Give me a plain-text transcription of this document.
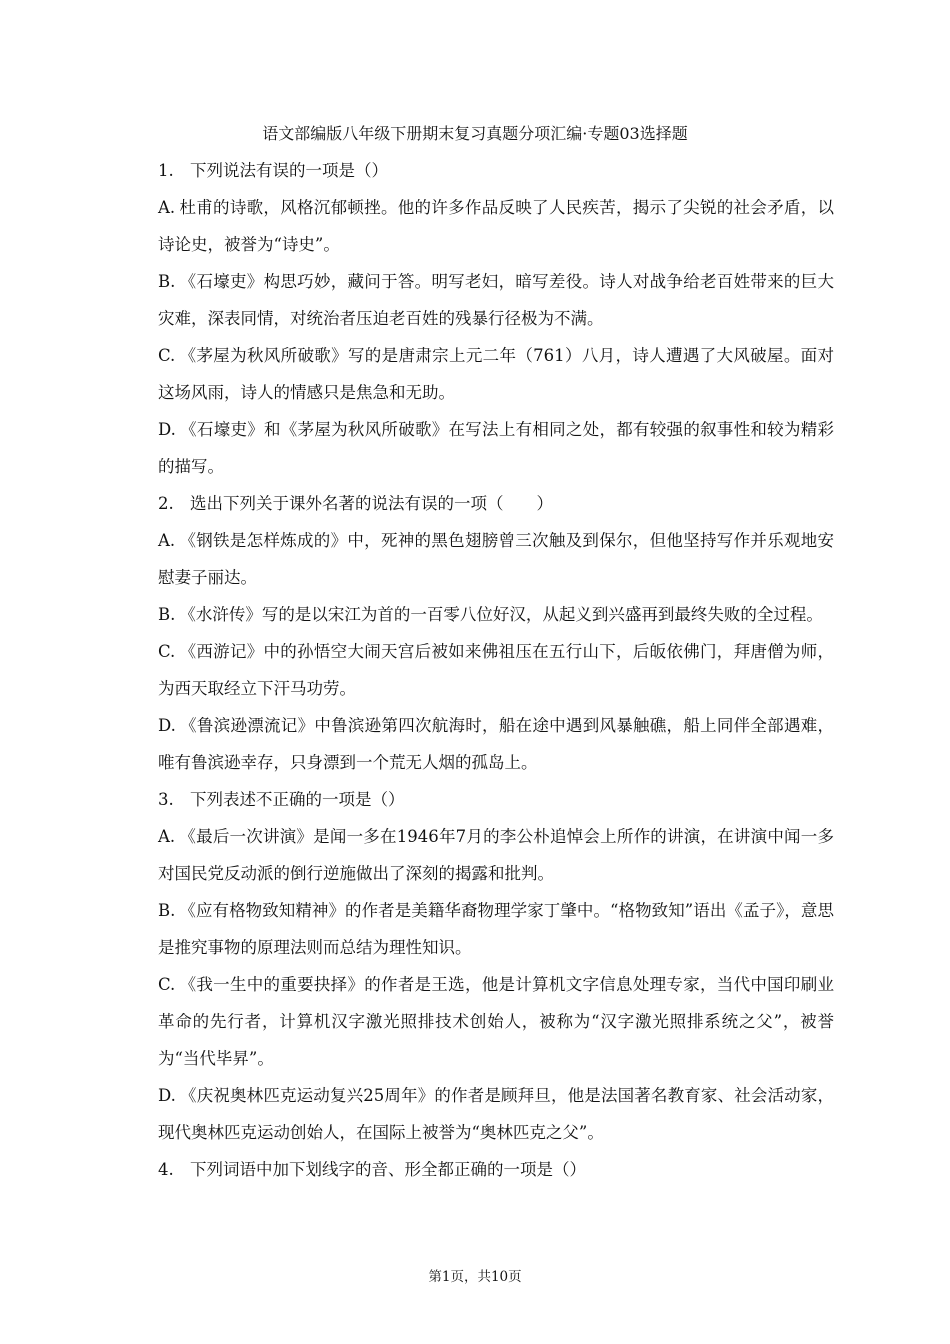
语文部编版八年级下册期末复习真题分项汇编·专题03选择题
1. 下列说法有误的一项是（）
A. 杜甫的诗歌，风格沉郁顿挫。他的许多作品反映了人民疾苦，揭示了尖锐的社会矛盾，以诗论史，被誉为“诗史”。
B. 《石壕吏》构思巧妙，藏问于答。明写老妇，暗写差役。诗人对战争给老百姓带来的巨大灾难，深表同情，对统治者压迫老百姓的残暴行径极为不满。
C. 《茅屋为秋风所破歌》写的是唐肃宗上元二年（761）八月，诗人遭遇了大风破屋。面对这场风雨，诗人的情感只是焦急和无助。
D. 《石壕吏》和《茅屋为秋风所破歌》在写法上有相同之处，都有较强的叙事性和较为精彩的描写。
2. 选出下列关于课外名著的说法有误的一项（　　）
A. 《钢铁是怎样炼成的》中，死神的黑色翅膀曾三次触及到保尔，但他坚持写作并乐观地安慰妻子丽达。
B. 《水浒传》写的是以宋江为首的一百零八位好汉，从起义到兴盛再到最终失败的全过程。
C. 《西游记》中的孙悟空大闹天宫后被如来佛祖压在五行山下，后皈依佛门，拜唐僧为师，为西天取经立下汗马功劳。
D. 《鲁滨逊漂流记》中鲁滨逊第四次航海时，船在途中遇到风暴触礁，船上同伴全部遇难，唯有鲁滨逊幸存，只身漂到一个荒无人烟的孤岛上。
3. 下列表述不正确的一项是（）
A. 《最后一次讲演》是闻一多在1946年7月的李公朴追悼会上所作的讲演，在讲演中闻一多对国民党反动派的倒行逆施做出了深刻的揭露和批判。
B. 《应有格物致知精神》的作者是美籍华裔物理学家丁肇中。“格物致知”语出《孟子》，意思是推究事物的原理法则而总结为理性知识。
C. 《我一生中的重要抉择》的作者是王选，他是计算机文字信息处理专家，当代中国印刷业革命的先行者，计算机汉字激光照排技术创始人，被称为“汉字激光照排系统之父”，被誉为“当代毕昇”。
D. 《庆祝奥林匹克运动复兴25周年》的作者是顾拜旦，他是法国著名教育家、社会活动家，现代奥林匹克运动创始人，在国际上被誉为“奥林匹克之父”。
4. 下列词语中加下划线字的音、形全都正确的一项是（）
第1页，共10页
